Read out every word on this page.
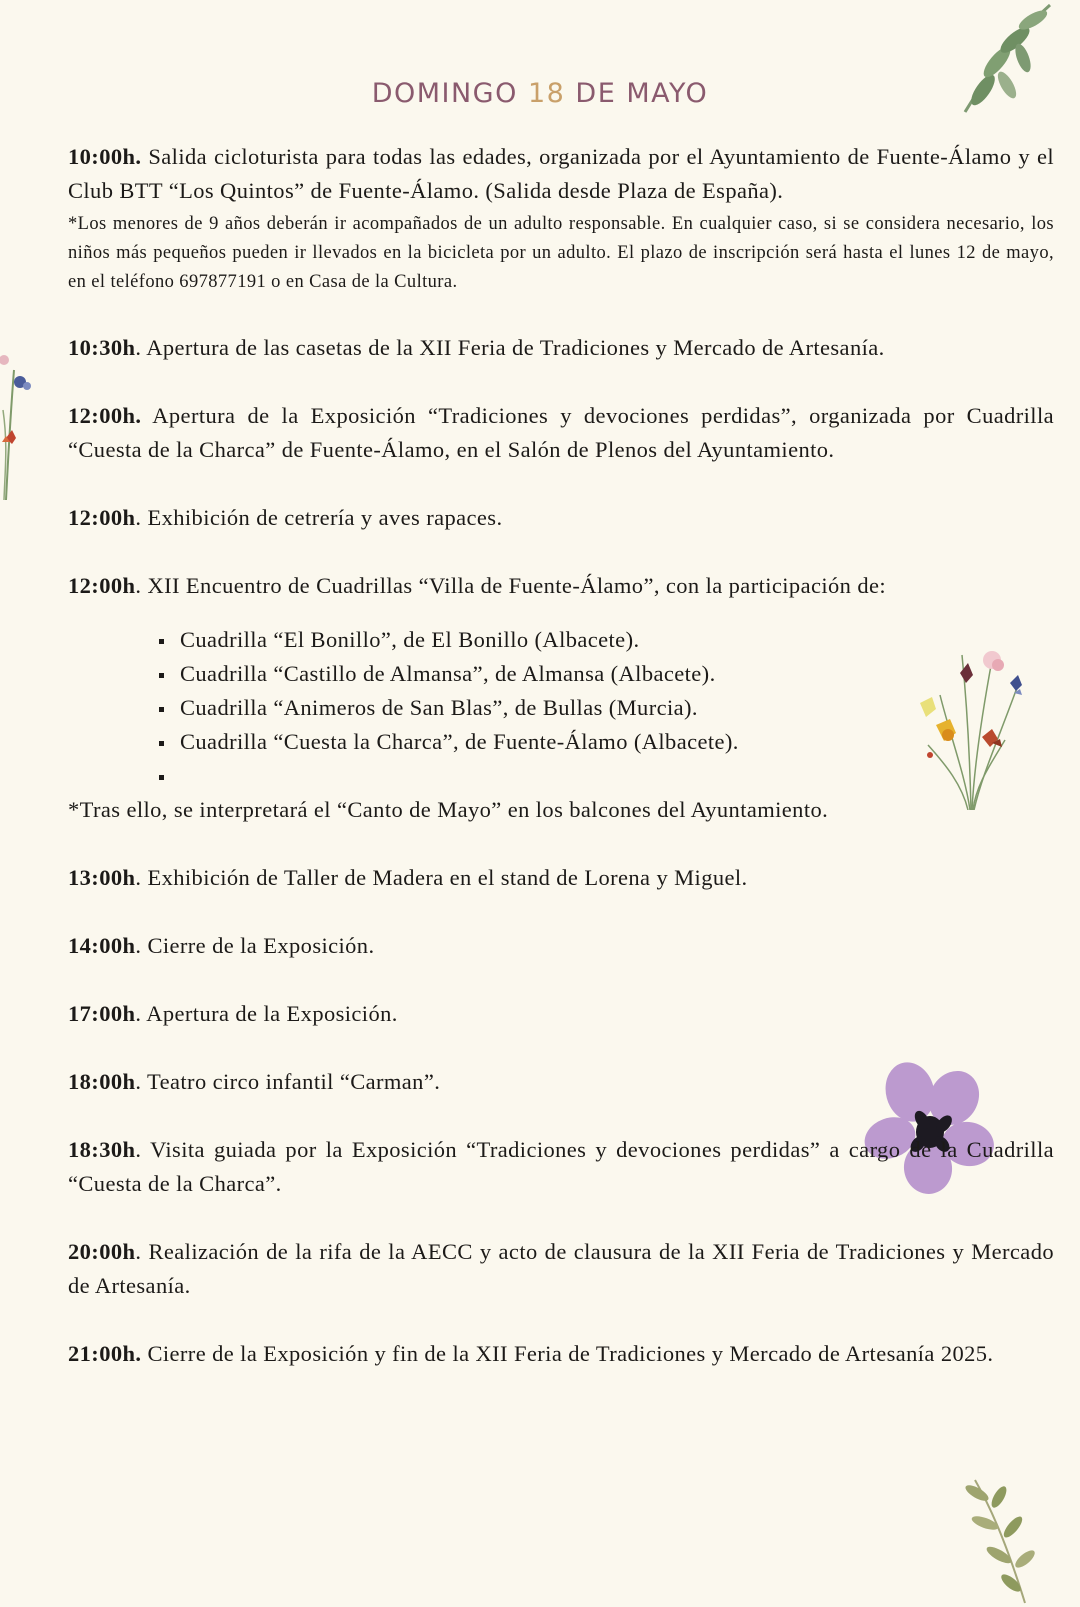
DOMINGO 18 DE MAYO

10:00h. Salida cicloturista para todas las edades, organizada por el Ayuntamiento de Fuente-Álamo y el Club BTT “Los Quintos” de Fuente-Álamo. (Salida desde Plaza de España).

*Los menores de 9 años deberán ir acompañados de un adulto responsable. En cualquier caso, si se considera necesario, los niños más pequeños pueden ir llevados en la bicicleta por un adulto. El plazo de inscripción será hasta el lunes 12 de mayo, en el teléfono 697877191 o en Casa de la Cultura.

10:30h. Apertura de las casetas de la XII Feria de Tradiciones y Mercado de Artesanía.

12:00h. Apertura de la Exposición “Tradiciones y devociones perdidas”, organizada por Cuadrilla “Cuesta de la Charca” de Fuente-Álamo, en el Salón de Plenos del Ayuntamiento.

12:00h. Exhibición de cetrería y aves rapaces.

12:00h. XII Encuentro de Cuadrillas “Villa de Fuente-Álamo”, con la participación de:

Cuadrilla “El Bonillo”, de El Bonillo (Albacete).
Cuadrilla “Castillo de Almansa”, de Almansa (Albacete).
Cuadrilla “Animeros de San Blas”, de Bullas (Murcia).
Cuadrilla “Cuesta la Charca”, de Fuente-Álamo (Albacete).

*Tras ello, se interpretará el “Canto de Mayo” en los balcones del Ayuntamiento.

13:00h. Exhibición de Taller de Madera en el stand de Lorena y Miguel.

14:00h. Cierre de la Exposición.

17:00h. Apertura de la Exposición.

18:00h. Teatro circo infantil “Carman”.

18:30h. Visita guiada por la Exposición “Tradiciones y devociones perdidas” a cargo de la Cuadrilla “Cuesta de la Charca”.

20:00h. Realización de la rifa de la AECC y acto de clausura de la XII Feria de Tradiciones y Mercado de Artesanía.

21:00h. Cierre de la Exposición y fin de la XII Feria de Tradiciones y Mercado de Artesanía 2025.
